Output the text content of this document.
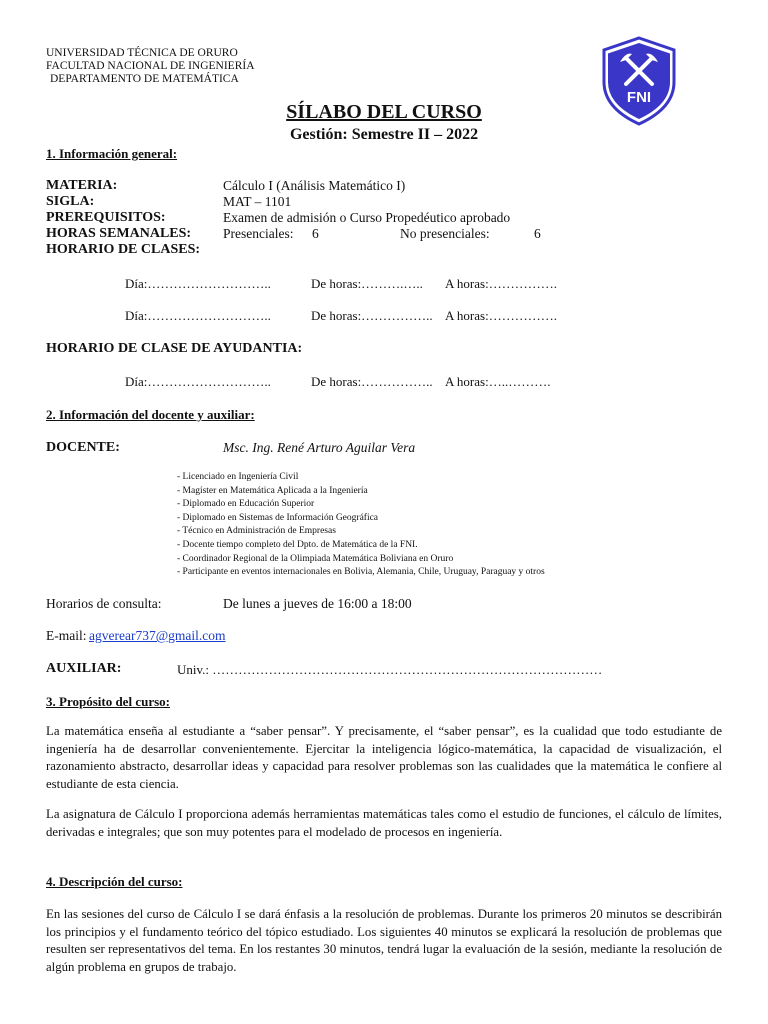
UNIVERSIDAD TÉCNICA DE ORURO
FACULTAD NACIONAL DE INGENIERÍA
DEPARTAMENTO DE MATEMÁTICA
FNI
SÍLABO DEL CURSO
Gestión: Semestre II – 2022
1. Información general:
MATERIA:	Cálculo I (Análisis Matemático I)
SIGLA:	MAT – 1101
PREREQUISITOS:	Examen de admisión o Curso Propedéutico aprobado
HORAS SEMANALES: Presenciales: 6	No presenciales:	6
HORARIO DE CLASES:
Día:………………………..	De horas:……….….. A horas:…………….
Día:………………………..	De horas:…………….. A horas:…………….
HORARIO DE CLASE DE AYUDANTIA:
Día:………………………..	De horas:…………….. A horas:…..……….
2. Información del docente y auxiliar:
DOCENTE:	Msc. Ing. René Arturo Aguilar Vera
- Licenciado en Ingeniería Civil
- Magíster en Matemática Aplicada a la Ingeniería
- Diplomado en Educación Superior
- Diplomado en Sistemas de Información Geográfica
- Técnico en Administración de Empresas
- Docente tiempo completo del Dpto. de Matemática de la FNI.
- Coordinador Regional de la Olimpiada Matemática Boliviana en Oruro
- Participante en eventos internacionales en Bolivia, Alemania, Chile, Uruguay, Paraguay y otros
Horarios de consulta:	De lunes a jueves de 16:00 a 18:00
E-mail: agverear737@gmail.com
AUXILIAR:	Univ.: ………………………………………………………………………………
3. Propósito del curso:
La matemática enseña al estudiante a “saber pensar”. Y precisamente, el “saber pensar”, es la cualidad que todo estudiante de ingeniería ha de desarrollar convenientemente. Ejercitar la inteligencia lógico-matemática, la capacidad de visualización, el razonamiento abstracto, desarrollar ideas y capacidad para resolver problemas son las cualidades que la matemática le confiere al estudiante de esta ciencia.
La asignatura de Cálculo I proporciona además herramientas matemáticas tales como el estudio de funciones, el cálculo de límites, derivadas e integrales; que son muy potentes para el modelado de procesos en ingeniería.
4. Descripción del curso:
En las sesiones del curso de Cálculo I se dará énfasis a la resolución de problemas. Durante los primeros 20 minutos se describirán los principios y el fundamento teórico del tópico estudiado. Los siguientes 40 minutos se explicará la resolución de problemas que resulten ser representativos del tema. En los restantes 30 minutos, tendrá lugar la evaluación de la sesión, mediante la resolución de algún problema en grupos de trabajo.
